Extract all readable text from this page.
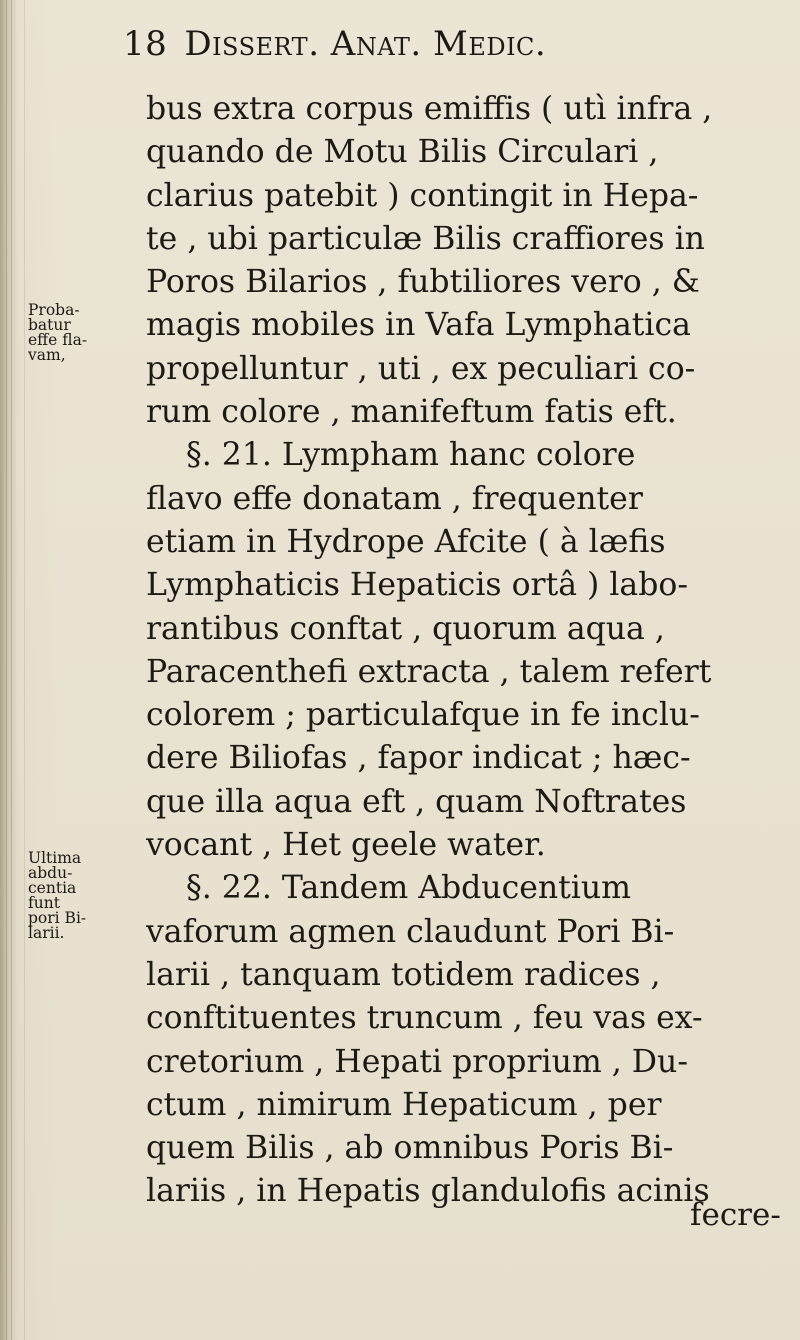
18 Dissert. Anat. Medic.
bus extra corpus emiffis ( utì infra ,
quando de Motu Bilis Circulari ,
clarius patebit ) contingit in Hepa-
te , ubi particulæ Bilis craffiores in
Poros Bilarios , fubtiliores vero , &
magis mobiles in Vafa Lymphatica
propelluntur , uti , ex peculiari co-
rum colore , manifeftum fatis eft.
§. 21. Lympham hanc colore
flavo effe donatam , frequenter
etiam in Hydrope Afcite ( à læfis
Lymphaticis Hepaticis ortâ ) labo-
rantibus conftat , quorum aqua ,
Paracenthefi extracta , talem refert
colorem ; particulafque in fe inclu-
dere Biliofas , fapor indicat ; hæc-
que illa aqua eft , quam Noftrates
vocant , Het geele water.
§. 22. Tandem Abducentium
vaforum agmen claudunt Pori Bi-
larii , tanquam totidem radices ,
conftituentes truncum , feu vas ex-
cretorium , Hepati proprium , Du-
ctum , nimirum Hepaticum , per
quem Bilis , ab omnibus Poris Bi-
lariis , in Hepatis glandulofis acinis
Proba-
batur
effe fla-
vam,
Ultima
abdu-
centia
funt
pori Bi-
larii.
fecre-
